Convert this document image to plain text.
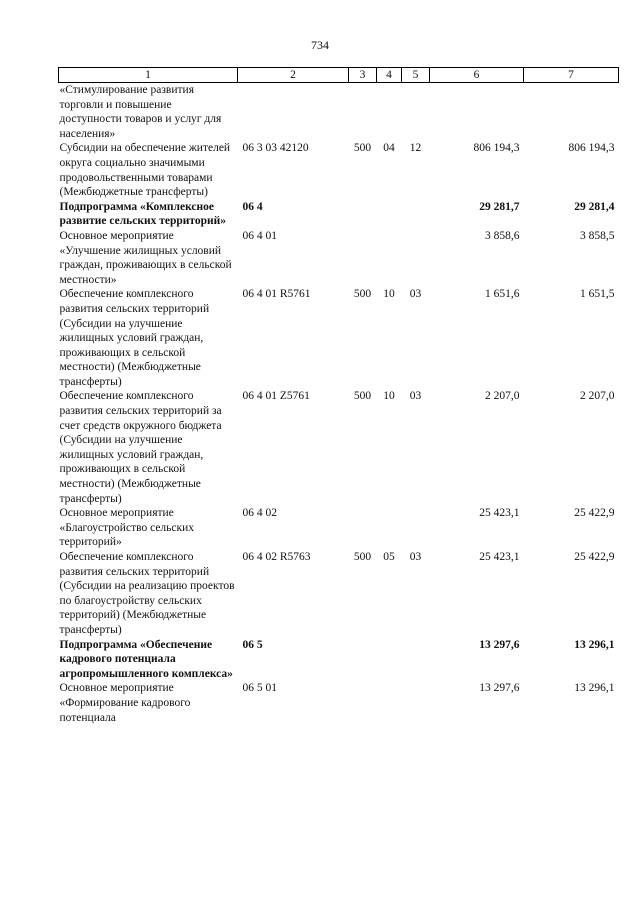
734
1	2	3	4	5	6	7
«Стимулирование развития торговли и повышение доступности товаров и услуг для населения»						
Субсидии на обеспечение жителей округа социально значимыми продовольственными товарами (Межбюджетные трансферты)	06 3 03 42120	500	04	12	806 194,3	806 194,3
Подпрограмма «Комплексное развитие сельских территорий»	06 4				29 281,7	29 281,4
Основное мероприятие «Улучшение жилищных условий граждан, проживающих в сельской местности»	06 4 01				3 858,6	3 858,5
Обеспечение комплексного развития сельских территорий (Субсидии на улучшение жилищных условий граждан, проживающих в сельской местности) (Межбюджетные трансферты)	06 4 01 R5761	500	10	03	1 651,6	1 651,5
Обеспечение комплексного развития сельских территорий за счет средств окружного бюджета (Субсидии на улучшение жилищных условий граждан, проживающих в сельской местности) (Межбюджетные трансферты)	06 4 01 Z5761	500	10	03	2 207,0	2 207,0
Основное мероприятие «Благоустройство сельских территорий»	06 4 02				25 423,1	25 422,9
Обеспечение комплексного развития сельских территорий (Субсидии на реализацию проектов по благоустройству сельских территорий) (Межбюджетные трансферты)	06 4 02 R5763	500	05	03	25 423,1	25 422,9
Подпрограмма «Обеспечение кадрового потенциала агропромышленного комплекса»	06 5				13 297,6	13 296,1
Основное мероприятие «Формирование кадрового потенциала	06 5 01				13 297,6	13 296,1
